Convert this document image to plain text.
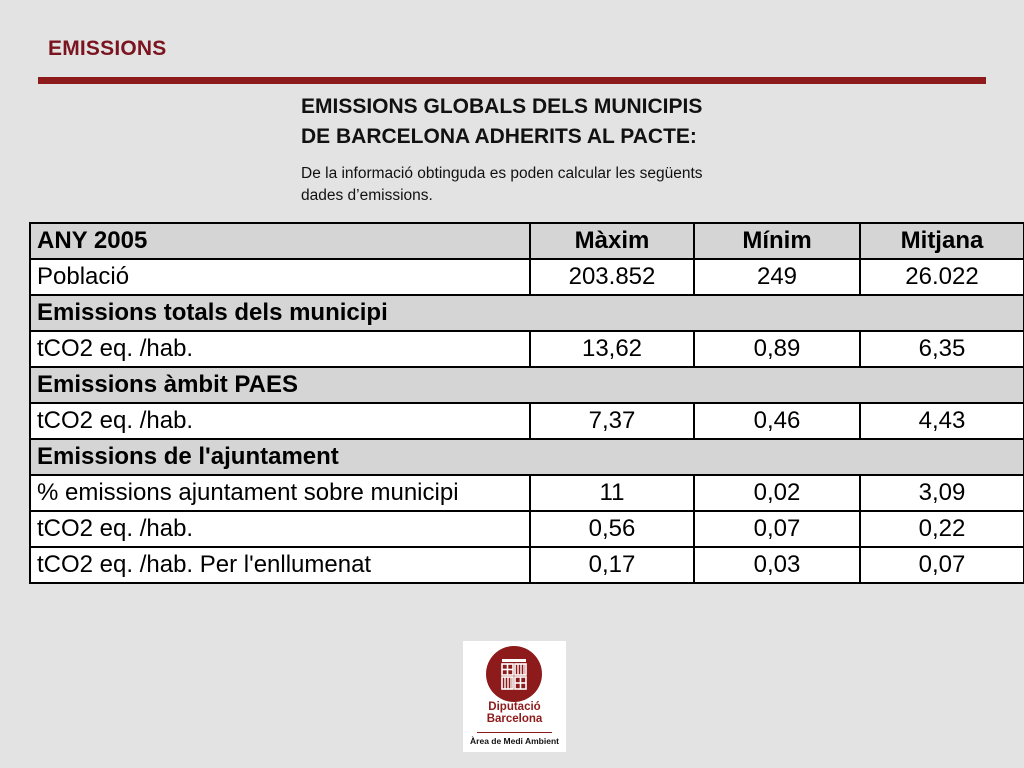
EMISSIONS
EMISSIONS GLOBALS DELS MUNICIPIS
DE BARCELONA ADHERITS AL PACTE:
De la informació obtinguda es poden calcular les següents
dades d’emissions.
ANY 2005	Màxim	Mínim	Mitjana
Població	203.852	249	26.022
Emissions totals dels municipi			
tCO2 eq. /hab.	13,62	0,89	6,35
Emissions àmbit PAES			
tCO2 eq. /hab.	7,37	0,46	4,43
Emissions de l'ajuntament			
% emissions ajuntament sobre municipi	11	0,02	3,09
tCO2 eq. /hab.	0,56	0,07	0,22
tCO2 eq. /hab. Per l'enllumenat	0,17	0,03	0,07
Diputació
Barcelona
Àrea de Medi Ambient
